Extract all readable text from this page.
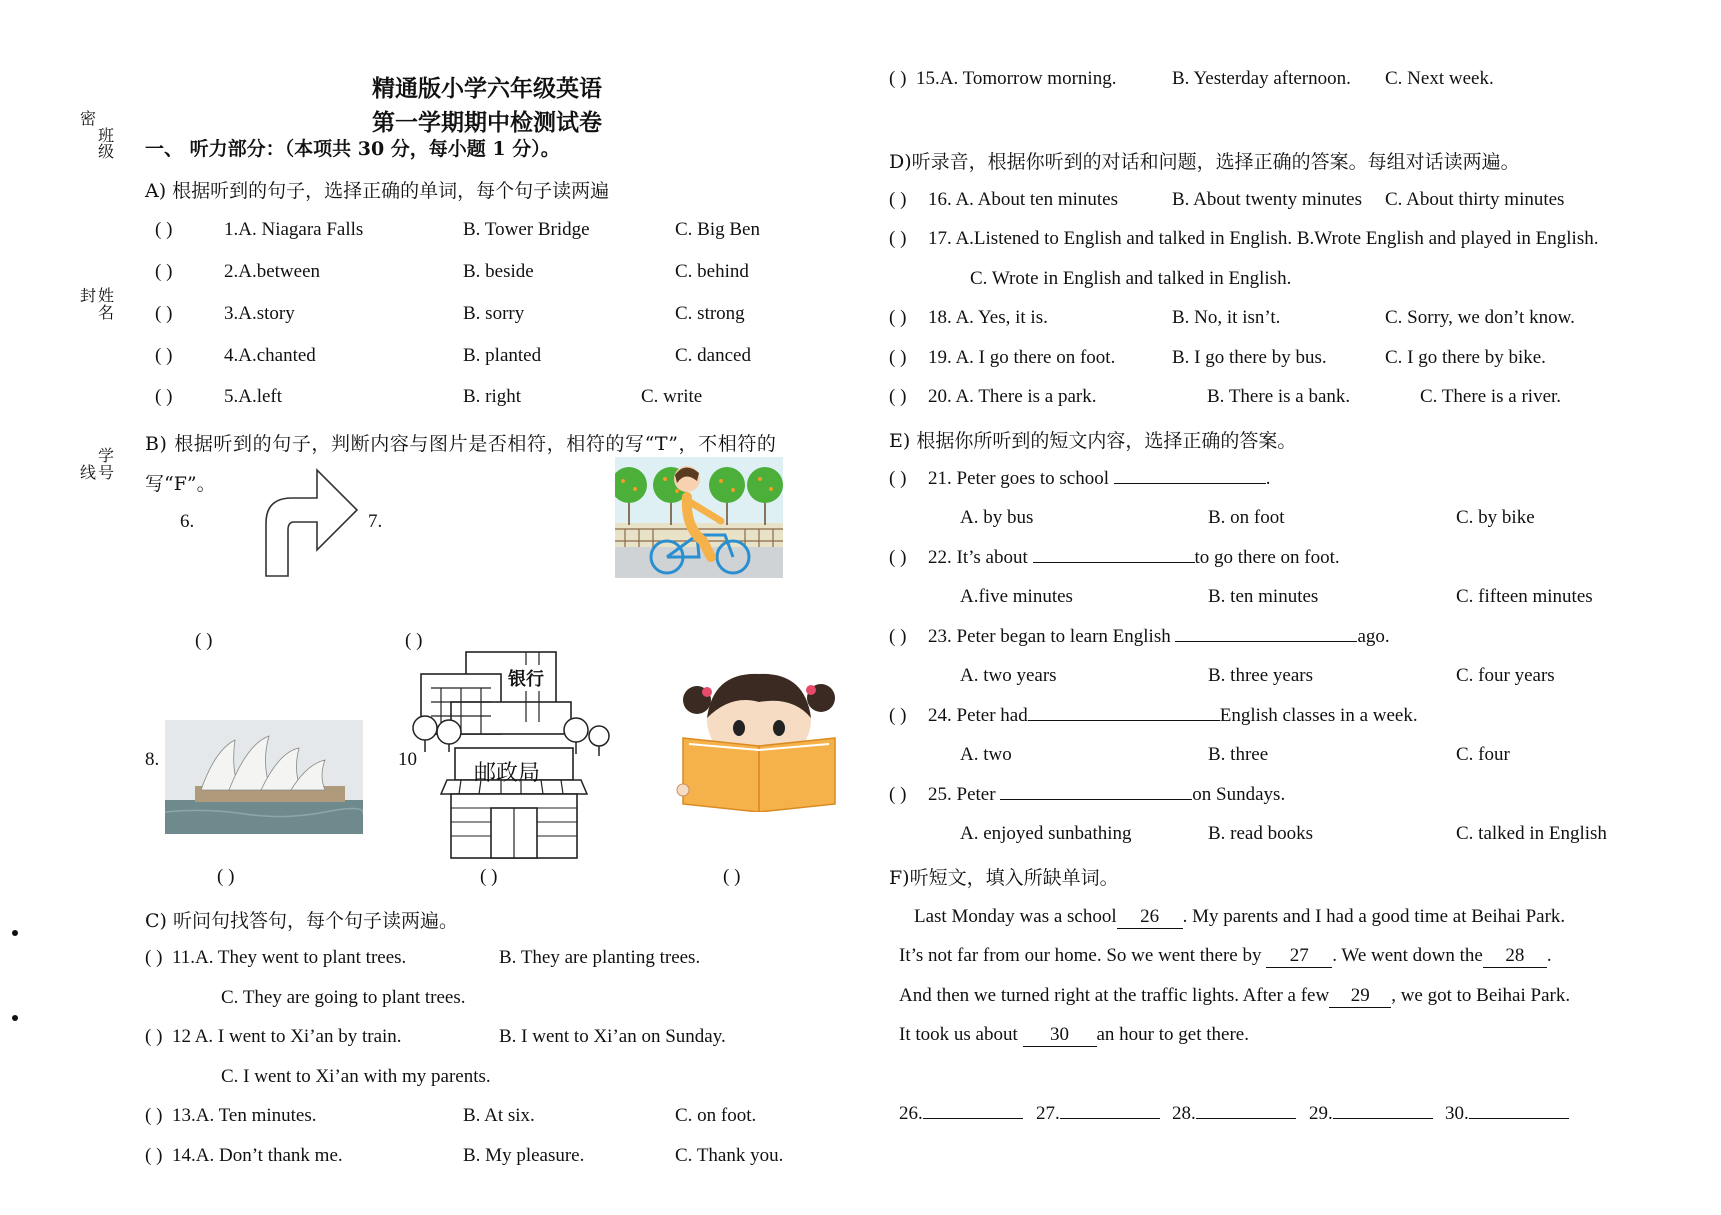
密
班
级
封 姓
名
学
线 号
精通版小学六年级英语
第一学期期中检测试卷
一、 听力部分：（本项共 30 分，每小题 1 分）。
A) 根据听到的句子，选择正确的单词，每个句子读两遍
( )	1.A. Niagara Falls	B. Tower Bridge	C. Big Ben
( )	2.A.between	B. beside	C. behind
( )	3.A.story	B. sorry	C. strong
( )	4.A.chanted	B. planted	C. danced
( )	5.A.left	B. right	C. write
B) 根据听到的句子，判断内容与图片是否相符，相符的写“T”，不相符的
写“F”。
6.	7.
( )	( )
8.	10
银行
邮政局
( )	( )	( )
C) 听问句找答句，每个句子读两遍。
( ) 11.A. They went to plant trees.	B. They are planting trees.
C. They are going to plant trees.
( ) 12 A. I went to Xi’an by train.	B. I went to Xi’an on Sunday.
C. I went to Xi’an with my parents.
( ) 13.A. Ten minutes.	B. At six.	C. on foot.
( ) 14.A. Don’t thank me.	B. My pleasure.	C. Thank you.
( ) 15.A. Tomorrow morning.	B. Yesterday afternoon. C. Next week.
D)听录音，根据你听到的对话和问题，选择正确的答案。每组对话读两遍。
( ) 16. A. About ten minutes	B. About twenty minutes C. About thirty minutes
( ) 17. A.Listened to English and talked in English. B.Wrote English and played in English.
C. Wrote in English and talked in English.
( ) 18. A. Yes, it is.	B. No, it isn’t.	C. Sorry, we don’t know.
( ) 19. A. I go there on foot.	B. I go there by bus.	C. I go there by bike.
( ) 20. A. There is a park.	B. There is a bank.	C. There is a river.
E) 根据你所听到的短文内容，选择正确的答案。
( ) 21. Peter goes to school	.
A. by bus	B. on foot	C. by bike
( ) 22. It’s about	to go there on foot.
A.five minutes	B. ten minutes	C. fifteen minutes
( ) 23. Peter began to learn English	ago.
A. two years	B. three years	C. four years
( ) 24. Peter had	English classes in a week.
A. two	B. three	C. four
( ) 25. Peter	on Sundays.
A. enjoyed sunbathing	B. read books	C. talked in English
F)听短文，填入所缺单词。
Last Monday was a school 26 . My parents and I had a good time at Beihai Park.
It’s not far from our home. So we went there by 27 . We went down the 28 .
And then we turned right at the traffic lights. After a few 29 , we got to Beihai Park.
It took us about 30 an hour to get there.
26.	27.	28.	29.	30.
